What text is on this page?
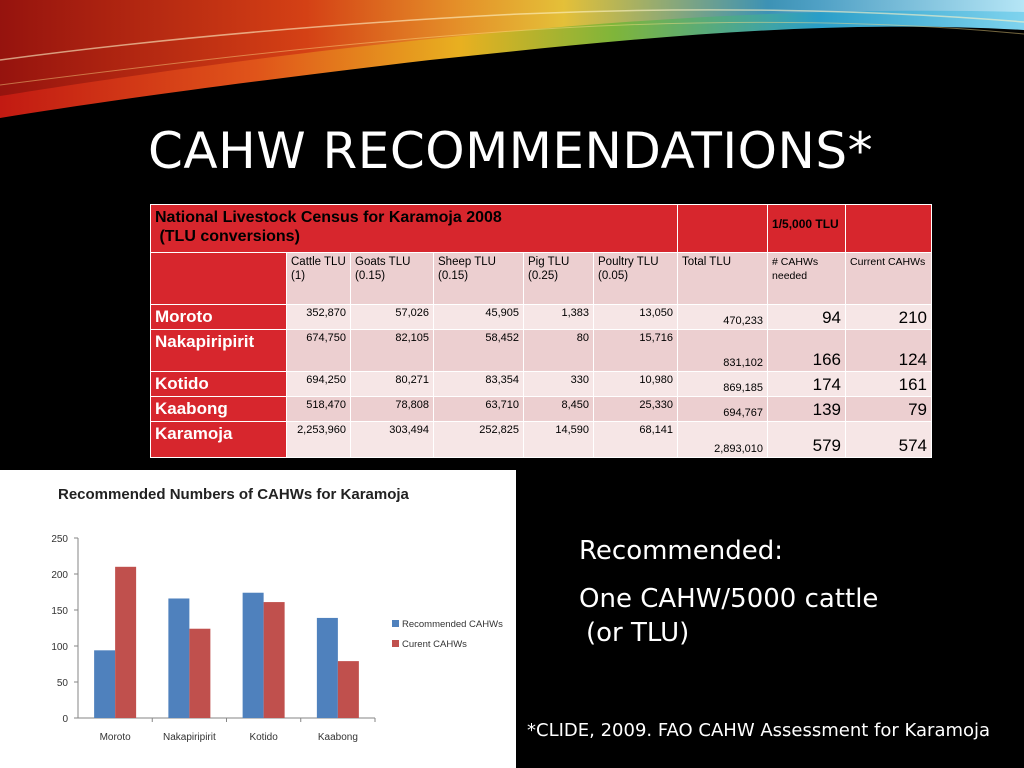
CAHW RECOMMENDATIONS*
National Livestock Census for Karamoja 2008
(TLU conversions)							1/5,000 TLU	
	Cattle TLU (1)	Goats TLU (0.15)	Sheep TLU (0.15)	Pig TLU (0.25)	Poultry TLU (0.05)	Total TLU	# CAHWs needed	Current CAHWs
Moroto	352,870	57,026	45,905	1,383	13,050	470,233	94	210
Nakapiripirit	674,750	82,105	58,452	80	15,716	831,102	166	124
Kotido	694,250	80,271	83,354	330	10,980	869,185	174	161
Kaabong	518,470	78,808	63,710	8,450	25,330	694,767	139	79
Karamoja	2,253,960	303,494	252,825	14,590	68,141	2,893,010	579	574
Recommended Numbers of CAHWs for Karamoja
0
50
100
150
200
250
Moroto	Nakapiripirit	Kotido	Kaabong
Recommended CAHWs
Curent CAHWs
Recommended:
One CAHW/5000 cattle
(or TLU)
*CLIDE, 2009. FAO CAHW Assessment for Karamoja
